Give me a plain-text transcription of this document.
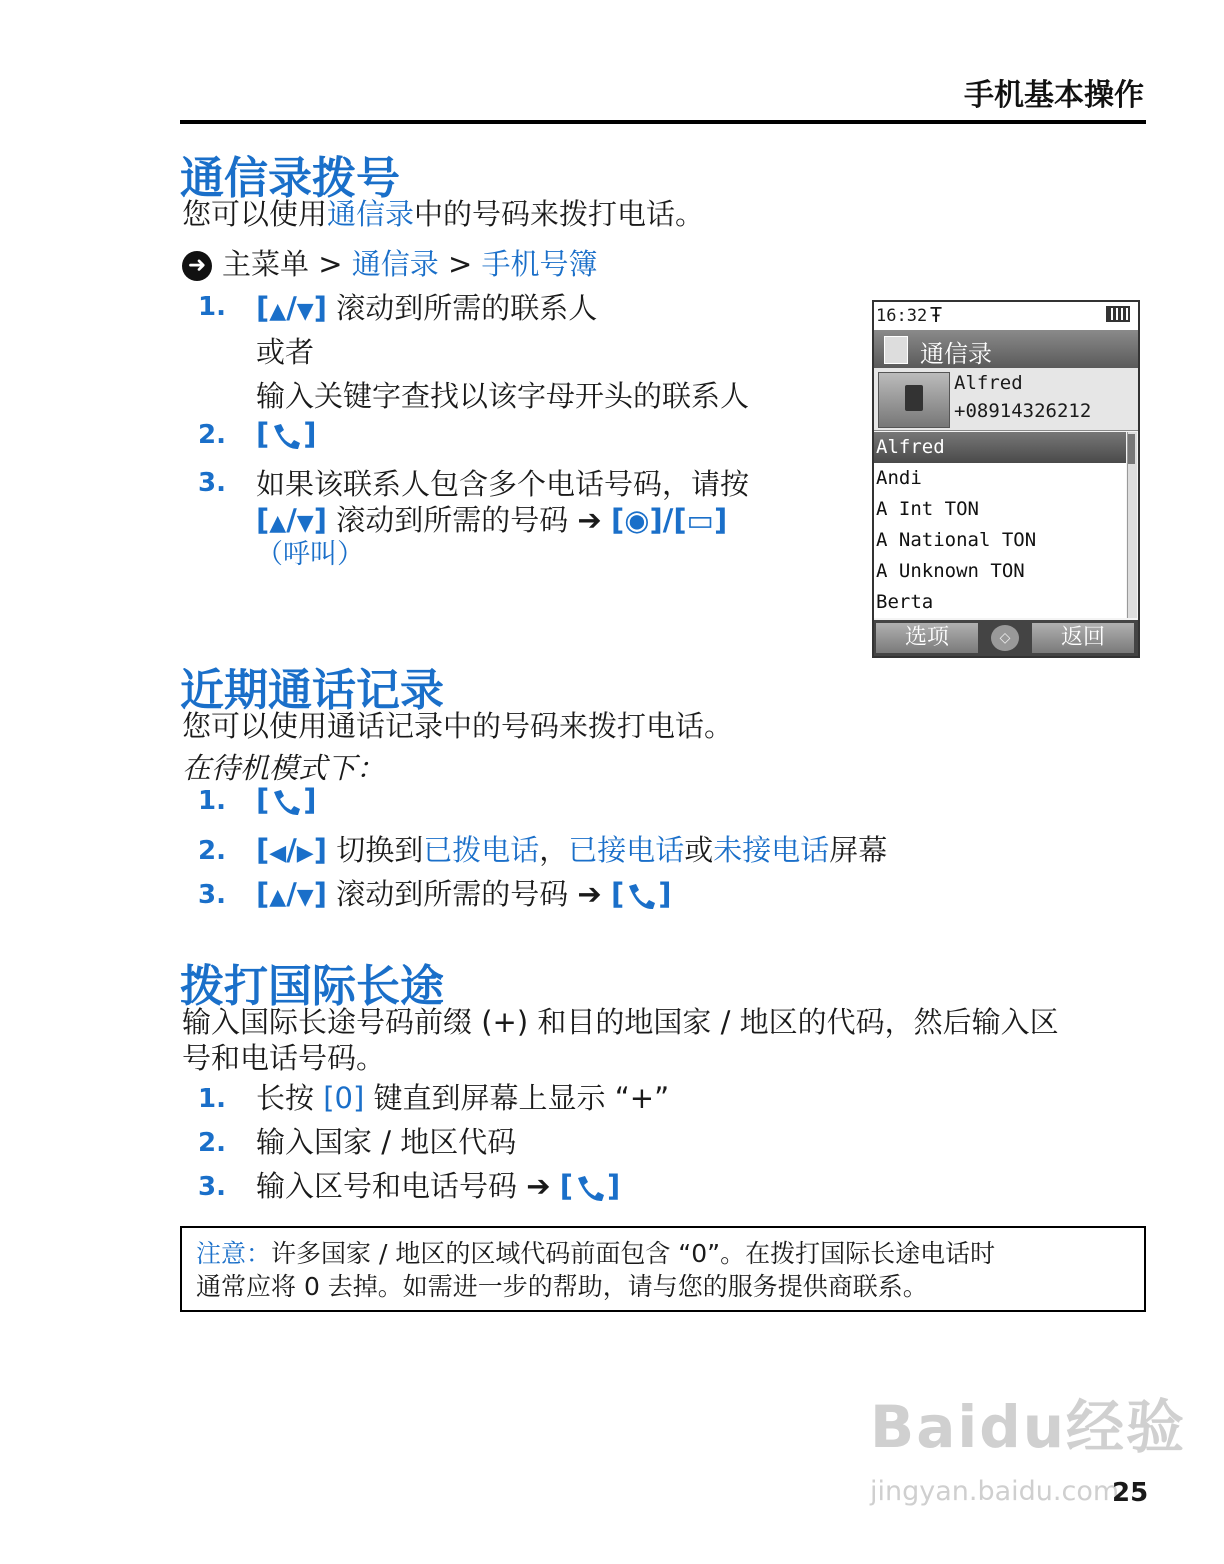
手机基本操作
通信录拨号
您可以使用通信录中的号码来拨打电话。
➜ 主菜单 > 通信录 > 手机号簿
1.	[▲/▼] 滚动到所需的联系人
或者
输入关键字查找以该字母开头的联系人
2.	[ ]
3.	如果该联系人包含多个电话号码，请按
[▲/▼] 滚动到所需的号码 ➔ [◉]/[▭]
（呼叫）
16:32 Ŧ
通信录
Alfred
+08914326212
Alfred
Andi
A Int TON
A National TON
A Unknown TON
Berta
选项	◇	返回
近期通话记录
您可以使用通话记录中的号码来拨打电话。
在待机模式下：
1.	[ ]
2.	[◀/▶] 切换到已拨电话，已接电话或未接电话屏幕
3.	[▲/▼] 滚动到所需的号码 ➔ [ ]
拨打国际长途
输入国际长途号码前缀 (+) 和目的地国家 / 地区的代码，然后输入区
号和电话号码。
1.	长按 [0] 键直到屏幕上显示 “+”
2.	输入国家 / 地区代码
3.	输入区号和电话号码 ➔ [ ]
注意：许多国家 / 地区的区域代码前面包含 “0”。在拨打国际长途电话时
通常应将 0 去掉。如需进一步的帮助，请与您的服务提供商联系。
Baidu经验
jingyan.baidu.com
25
